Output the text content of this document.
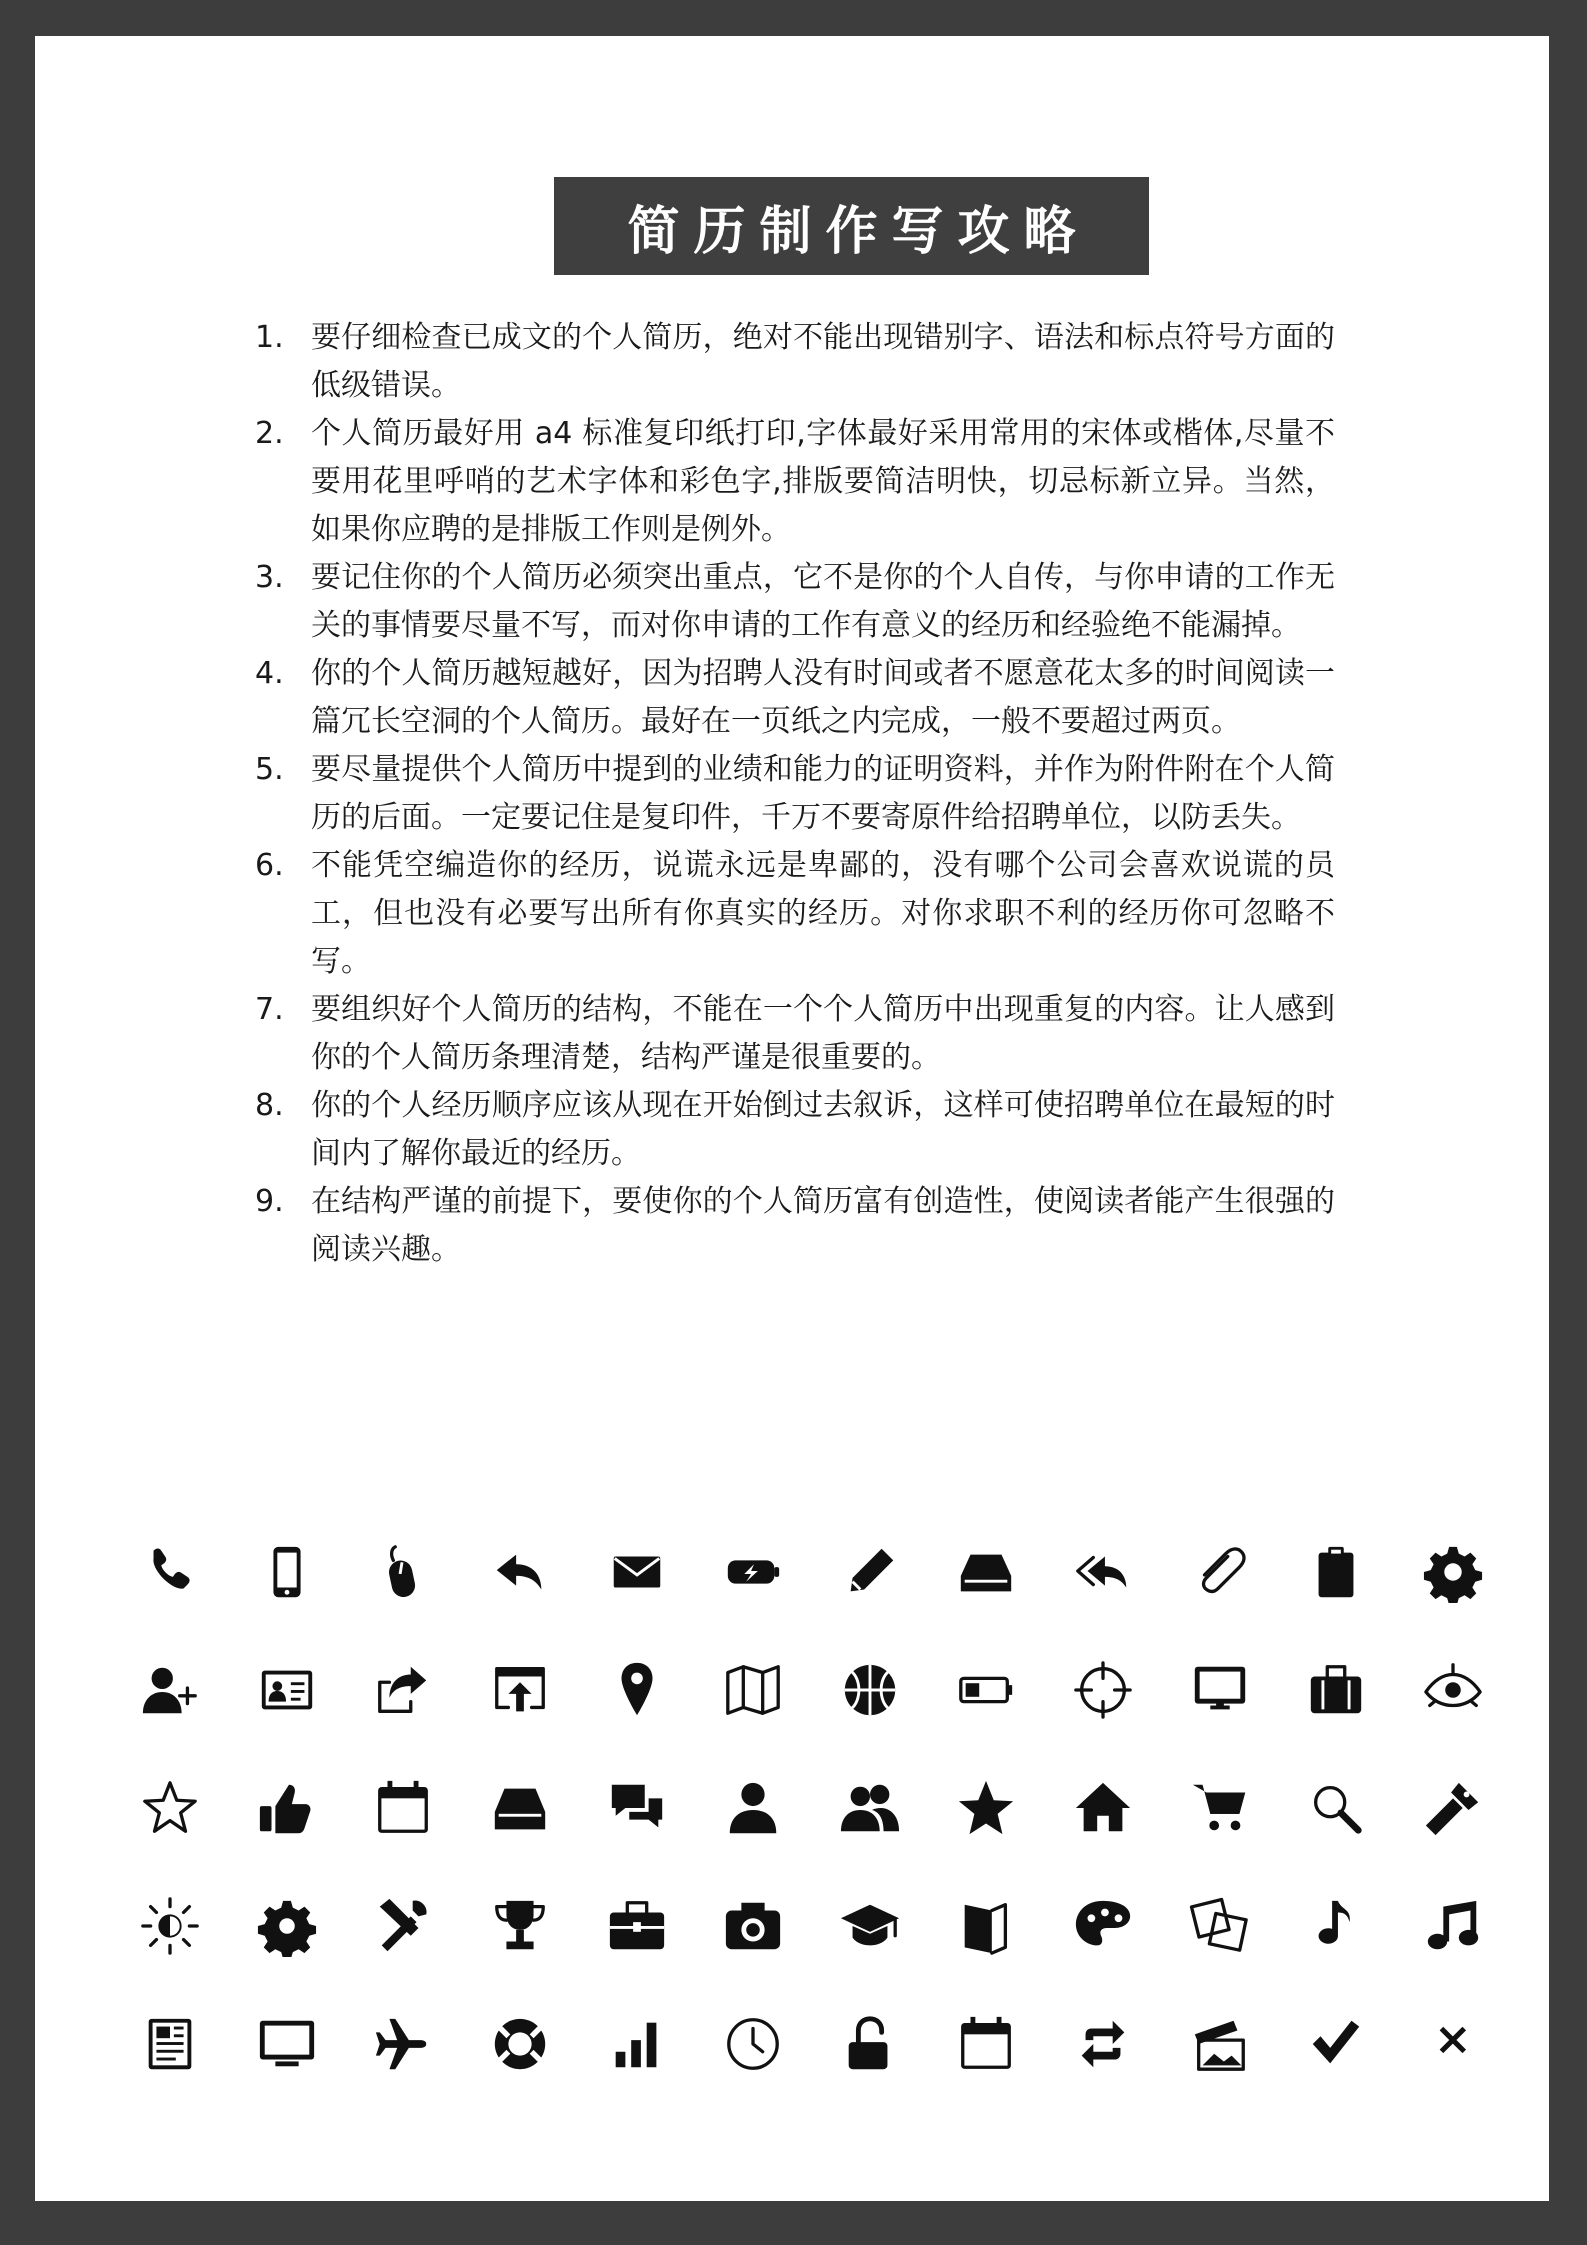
简历制作写攻略
1. 要仔细检查已成文的个人简历，绝对不能出现错别字、语法和标点符号方面的低级错误。
2. 个人简历最好用 a4 标准复印纸打印,字体最好采用常用的宋体或楷体,尽量不要用花里呼哨的艺术字体和彩色字,排版要简洁明快，切忌标新立异。当然，如果你应聘的是排版工作则是例外。
3. 要记住你的个人简历必须突出重点，它不是你的个人自传，与你申请的工作无关的事情要尽量不写，而对你申请的工作有意义的经历和经验绝不能漏掉。
4. 你的个人简历越短越好，因为招聘人没有时间或者不愿意花太多的时间阅读一篇冗长空洞的个人简历。最好在一页纸之内完成，一般不要超过两页。
5. 要尽量提供个人简历中提到的业绩和能力的证明资料，并作为附件附在个人简历的后面。一定要记住是复印件，千万不要寄原件给招聘单位，以防丢失。
6. 不能凭空编造你的经历，说谎永远是卑鄙的，没有哪个公司会喜欢说谎的员工，但也没有必要写出所有你真实的经历。对你求职不利的经历你可忽略不写。
7. 要组织好个人简历的结构，不能在一个个人简历中出现重复的内容。让人感到你的个人简历条理清楚，结构严谨是很重要的。
8. 你的个人经历顺序应该从现在开始倒过去叙诉，这样可使招聘单位在最短的时间内了解你最近的经历。
9. 在结构严谨的前提下，要使你的个人简历富有创造性，使阅读者能产生很强的阅读兴趣。
